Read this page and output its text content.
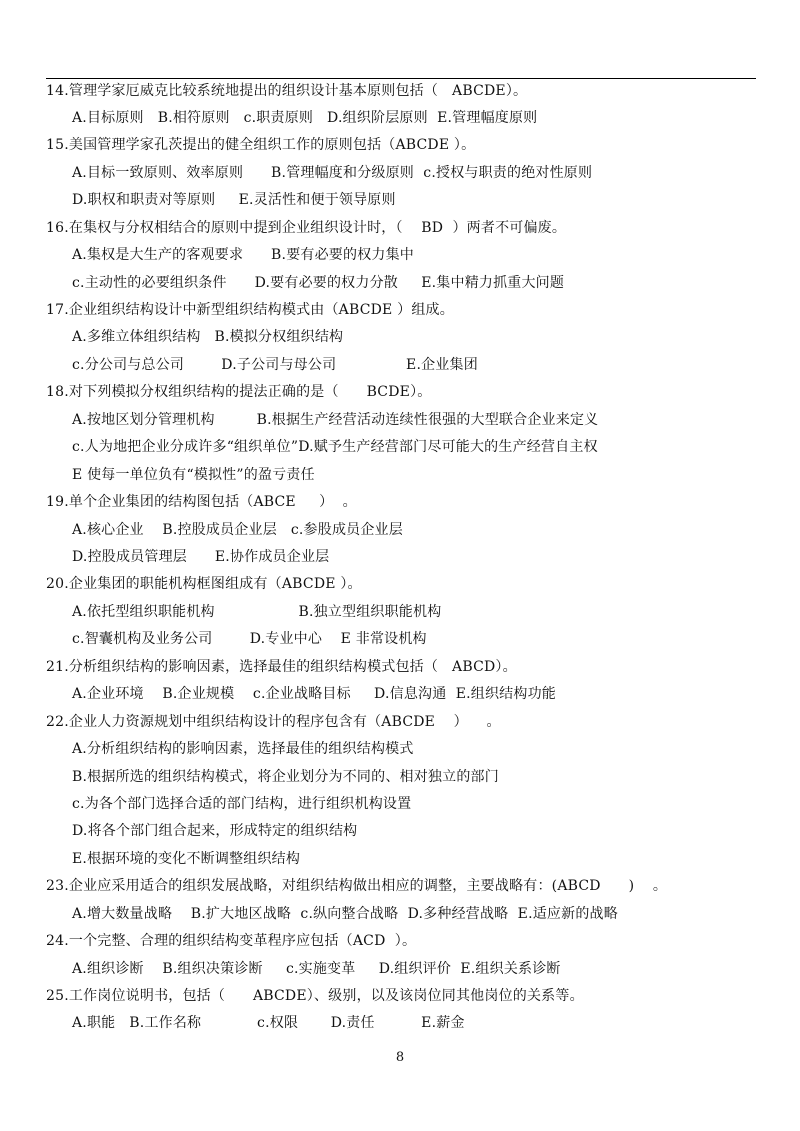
14.管理学家厄威克比较系统地提出的组织设计基本原则包括（   ABCDE）。
A.目标原则   B.相符原则   c.职责原则   D.组织阶层原则  E.管理幅度原则
15.美国管理学家孔茨提出的健全组织工作的原则包括（ABCDE ）。
A.目标一致原则、效率原则      B.管理幅度和分级原则  c.授权与职责的绝对性原则
D.职权和职责对等原则     E.灵活性和便于领导原则
16.在集权与分权相结合的原则中提到企业组织设计时，（    BD  ）两者不可偏废。
A.集权是大生产的客观要求      B.要有必要的权力集中
c.主动性的必要组织条件      D.要有必要的权力分散     E.集中精力抓重大问题
17.企业组织结构设计中新型组织结构模式由（ABCDE ）组成。
A.多维立体组织结构   B.模拟分权组织结构
c.分公司与总公司        D.子公司与母公司               E.企业集团
18.对下列模拟分权组织结构的提法正确的是（      BCDE）。
A.按地区划分管理机构         B.根据生产经营活动连续性很强的大型联合企业来定义
c.人为地把企业分成许多“组织单位”D.赋予生产经营部门尽可能大的生产经营自主权
E 使每一单位负有“模拟性”的盈亏责任
19.单个企业集团的结构图包括（ABCE     ）  。
A.核心企业    B.控股成员企业层   c.参股成员企业层
D.控股成员管理层      E.协作成员企业层
20.企业集团的职能机构框图组成有（ABCDE ）。
A.依托型组织职能机构                  B.独立型组织职能机构
c.智囊机构及业务公司        D.专业中心    E 非常设机构
21.分析组织结构的影响因素，选择最佳的组织结构模式包括（   ABCD）。
A.企业环境    B.企业规模    c.企业战略目标     D.信息沟通  E.组织结构功能
22.企业人力资源规划中组织结构设计的程序包含有（ABCDE    ）    。
A.分析组织结构的影响因素，选择最佳的组织结构模式
B.根据所选的组织结构模式，将企业划分为不同的、相对独立的部门
c.为各个部门选择合适的部门结构，进行组织机构设置
D.将各个部门组合起来，形成特定的组织结构
E.根据环境的变化不断调整组织结构
23.企业应采用适合的组织发展战略，对组织结构做出相应的调整，主要战略有：(ABCD      )    。
A.增大数量战略    B.扩大地区战略  c.纵向整合战略  D.多种经营战略  E.适应新的战略
24.一个完整、合理的组织结构变革程序应包括（ACD  ）。
A.组织诊断    B.组织决策诊断     c.实施变革     D.组织评价  E.组织关系诊断
25.工作岗位说明书，包括（      ABCDE）、级别，以及该岗位同其他岗位的关系等。
A.职能   B.工作名称            c.权限       D.责任          E.薪金
8
